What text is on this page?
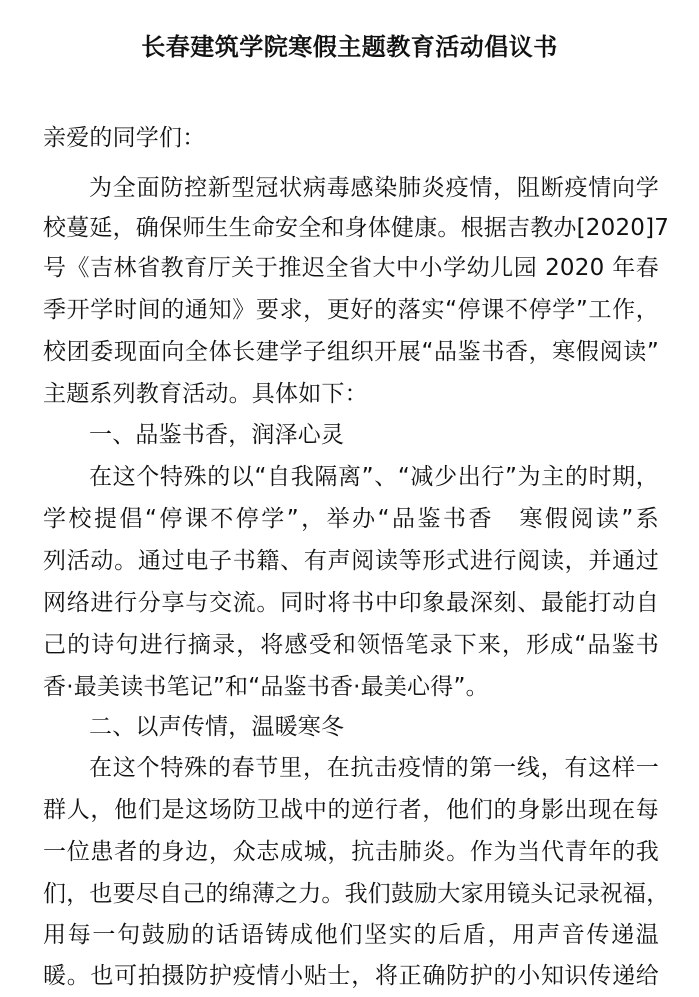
长春建筑学院寒假主题教育活动倡议书
亲爱的同学们：
为全面防控新型冠状病毒感染肺炎疫情，阻断疫情向学
校蔓延，确保师生生命安全和身体健康。根据吉教办[2020]7
号《吉林省教育厅关于推迟全省大中小学幼儿园 2020 年春
季开学时间的通知》要求，更好的落实“停课不停学”工作，
校团委现面向全体长建学子组织开展“品鉴书香，寒假阅读”
主题系列教育活动。具体如下：
一、品鉴书香，润泽心灵
在这个特殊的以“自我隔离”、“减少出行”为主的时期，
学校提倡“停课不停学”，举办“品鉴书香　寒假阅读”系
列活动。通过电子书籍、有声阅读等形式进行阅读，并通过
网络进行分享与交流。同时将书中印象最深刻、最能打动自
己的诗句进行摘录，将感受和领悟笔录下来，形成“品鉴书
香·最美读书笔记”和“品鉴书香·最美心得”。
二、以声传情，温暖寒冬
在这个特殊的春节里，在抗击疫情的第一线，有这样一
群人，他们是这场防卫战中的逆行者，他们的身影出现在每
一位患者的身边，众志成城，抗击肺炎。作为当代青年的我
们，也要尽自己的绵薄之力。我们鼓励大家用镜头记录祝福，
用每一句鼓励的话语铸成他们坚实的后盾，用声音传递温
暖。也可拍摄防护疫情小贴士，将正确防护的小知识传递给
